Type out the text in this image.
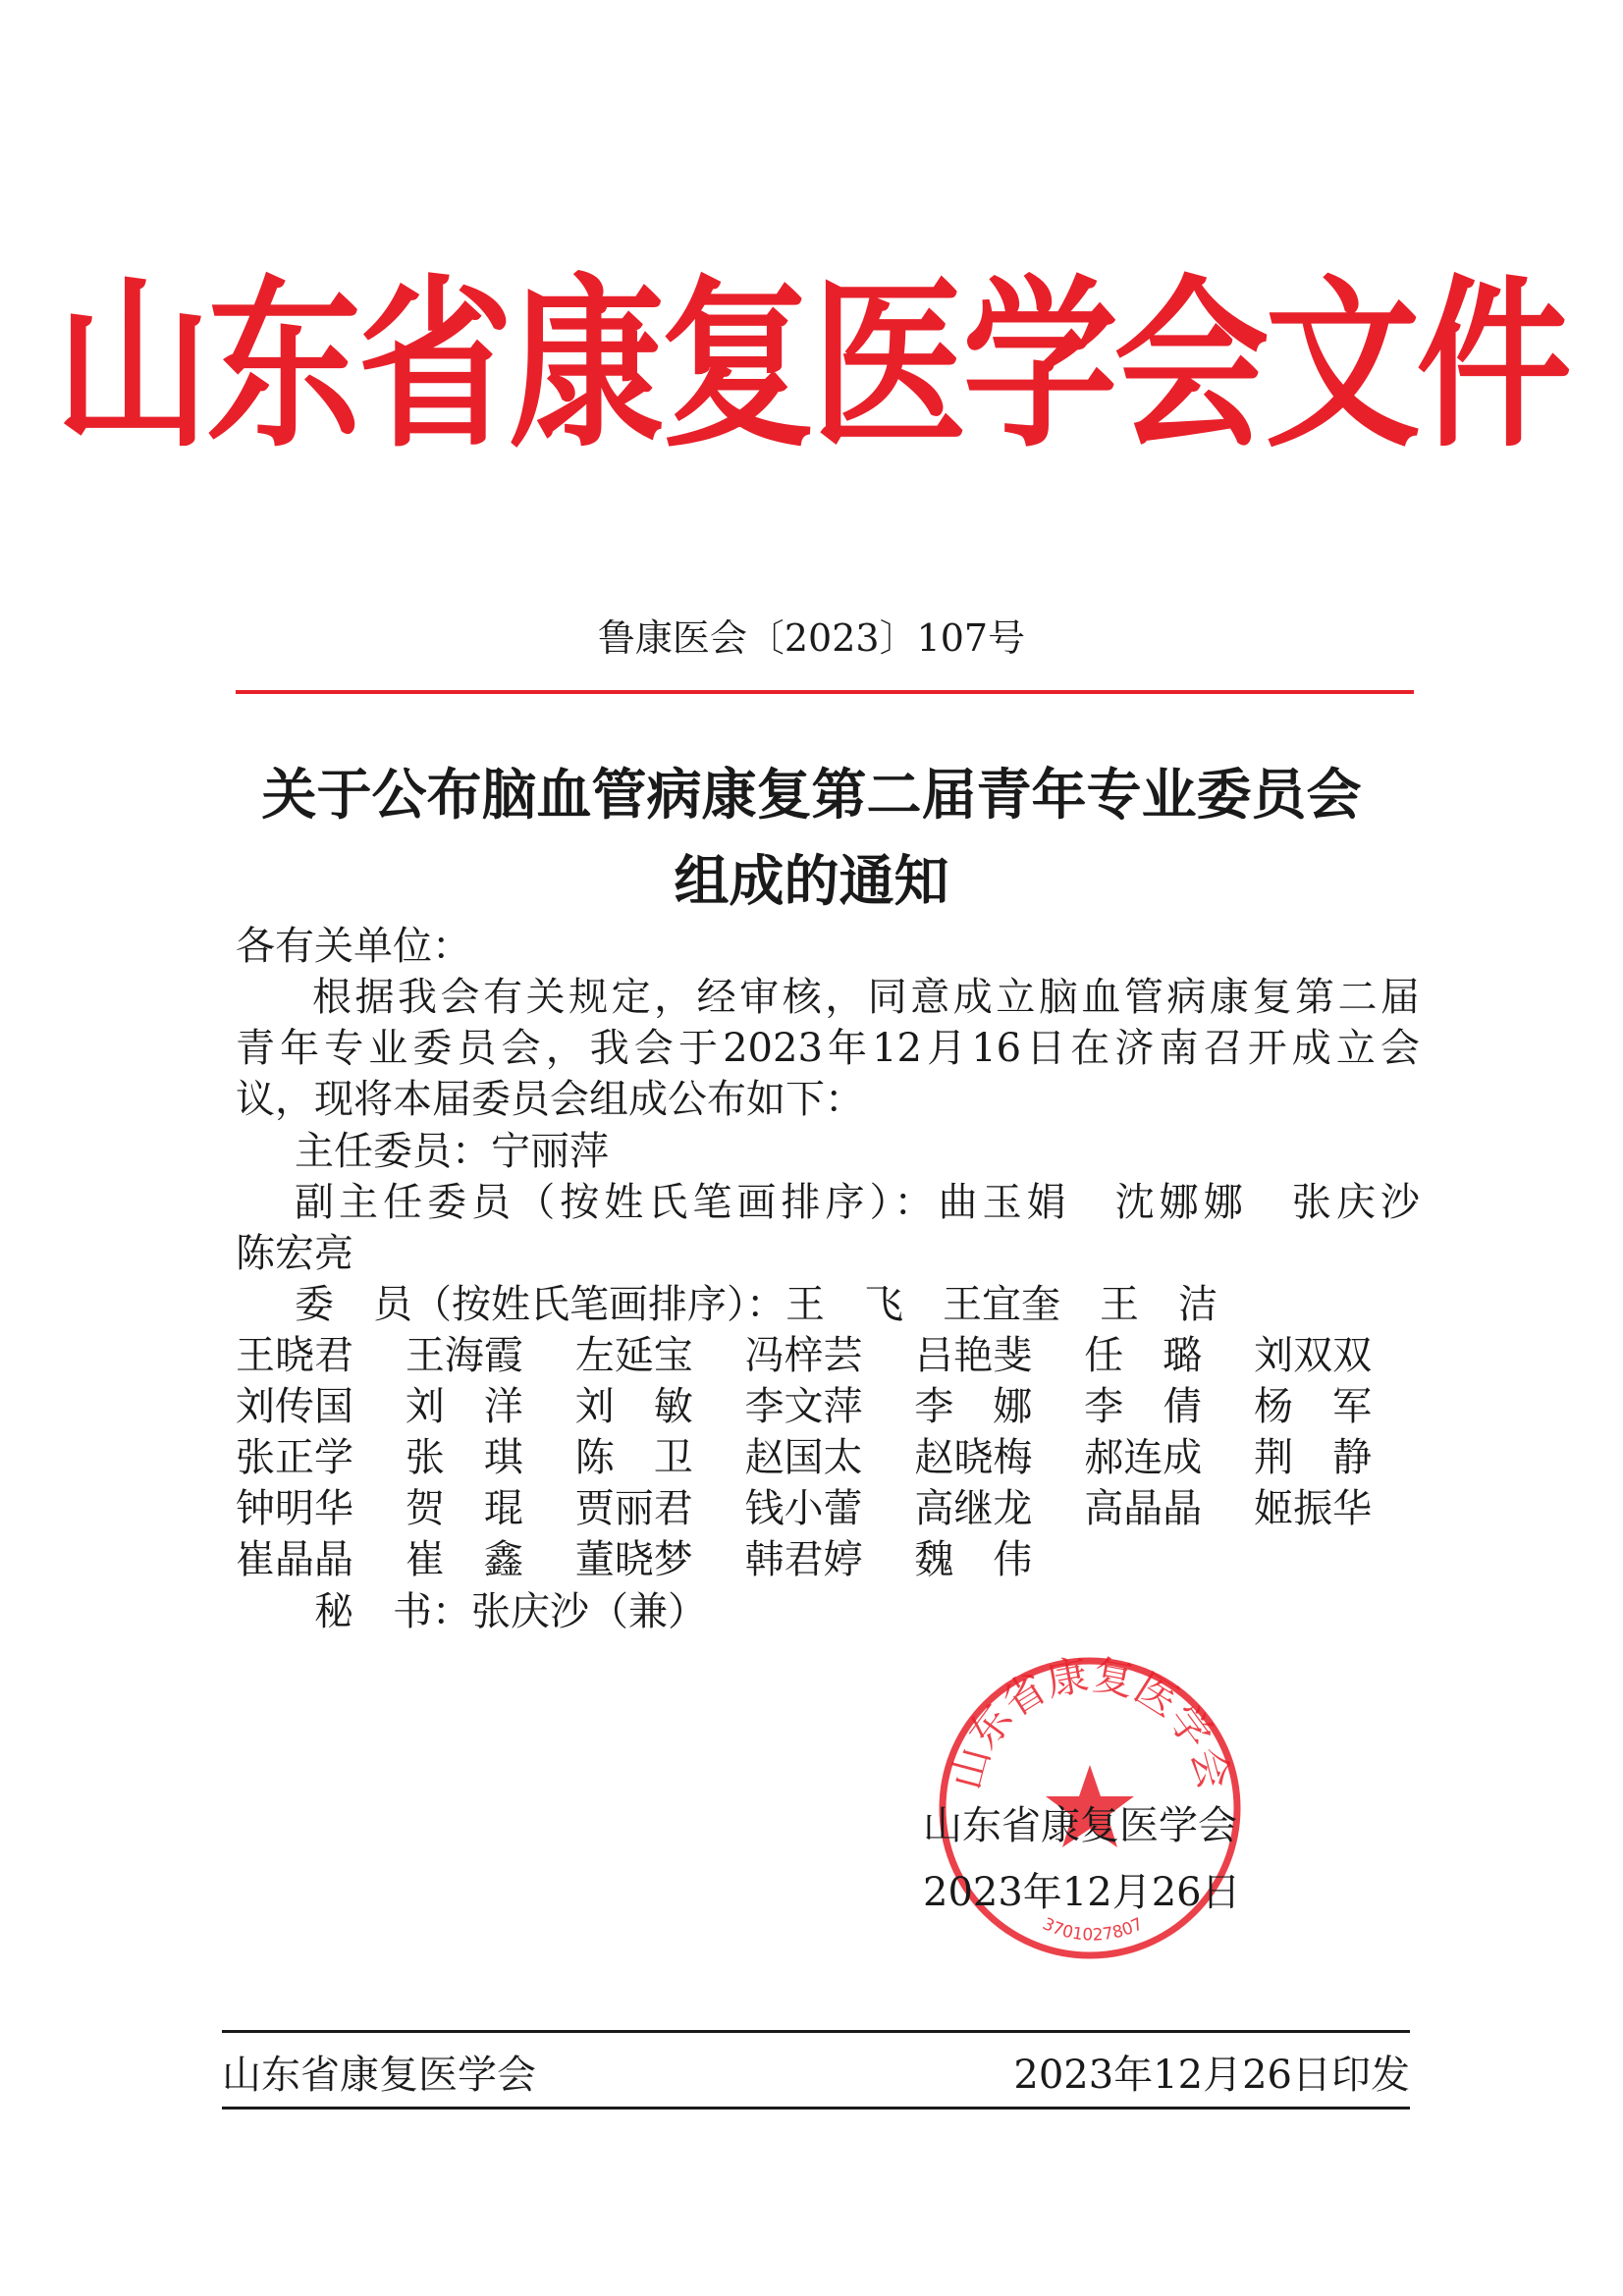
山东省康复医学会文件
鲁康医会〔2023〕107号
关于公布脑血管病康复第二届青年专业委员会
组成的通知
各有关单位：
根据我会有关规定，经审核，同意成立脑血管病康复第二届
青年专业委员会，我会于2023年12月16日在济南召开成立会
议，现将本届委员会组成公布如下：
主任委员：宁丽萍
副主任委员（按姓氏笔画排序）：曲玉娟　沈娜娜　张庆沙
陈宏亮
委　员（按姓氏笔画排序）：王　飞　王宜奎　王　洁
王晓君	王海霞	左延宝	冯梓芸	吕艳斐	任　璐	刘双双
刘传国	刘　洋	刘　敏	李文萍	李　娜	李　倩	杨　军
张正学	张　琪	陈　卫	赵国太	赵晓梅	郝连成	荆　静
钟明华	贺　琨	贾丽君	钱小蕾	高继龙	高晶晶	姬振华
崔晶晶	崔　鑫	董晓梦	韩君婷	魏　伟
秘　书：张庆沙（兼）
山东省康复医学会
3701027807
山东省康复医学会
2023年12月26日
山东省康复医学会	2023年12月26日印发
